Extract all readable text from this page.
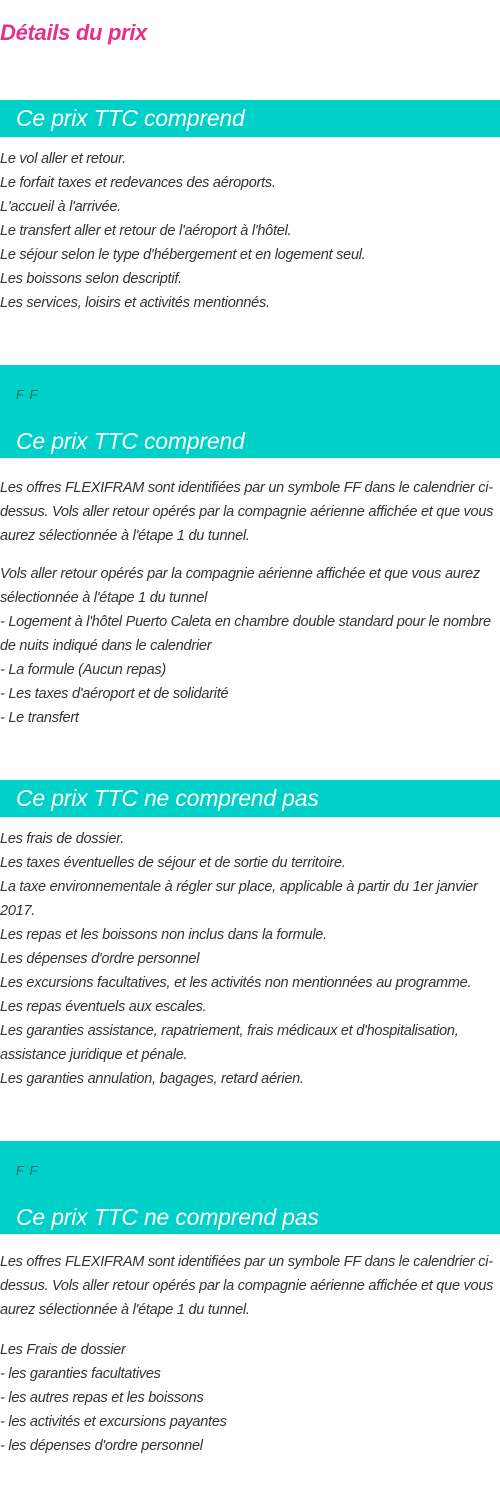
Détails du prix
Ce prix TTC comprend
Le vol aller et retour.
Le forfait taxes et redevances des aéroports.
L'accueil à l'arrivée.
Le transfert aller et retour de l'aéroport à l'hôtel.
Le séjour selon le type d'hébergement et en logement seul.
Les boissons selon descriptif.
Les services, loisirs et activités mentionnés.
F F
Ce prix TTC comprend

Les offres FLEXIFRAM sont identifiées par un symbole FF dans le calendrier ci-dessus. Vols aller retour opérés par la compagnie aérienne affichée et que vous aurez sélectionnée à l'étape 1 du tunnel.

Vols aller retour opérés par la compagnie aérienne affichée et que vous aurez sélectionnée à l'étape 1 du tunnel
- Logement à l'hôtel Puerto Caleta en chambre double standard pour le nombre de nuits indiqué dans le calendrier
- La formule (Aucun repas)
- Les taxes d'aéroport et de solidarité
- Le transfert
Ce prix TTC ne comprend pas
Les frais de dossier.
Les taxes éventuelles de séjour et de sortie du territoire.
La taxe environnementale à régler sur place, applicable à partir du 1er janvier 2017.
Les repas et les boissons non inclus dans la formule.
Les dépenses d'ordre personnel
Les excursions facultatives, et les activités non mentionnées au programme.
Les repas éventuels aux escales.
Les garanties assistance, rapatriement, frais médicaux et d'hospitalisation, assistance juridique et pénale.
Les garanties annulation, bagages, retard aérien.
F F
Ce prix TTC ne comprend pas

Les offres FLEXIFRAM sont identifiées par un symbole FF dans le calendrier ci-dessus. Vols aller retour opérés par la compagnie aérienne affichée et que vous aurez sélectionnée à l'étape 1 du tunnel.

Les Frais de dossier
- les garanties facultatives
- les autres repas et les boissons
- les activités et excursions payantes
- les dépenses d'ordre personnel
